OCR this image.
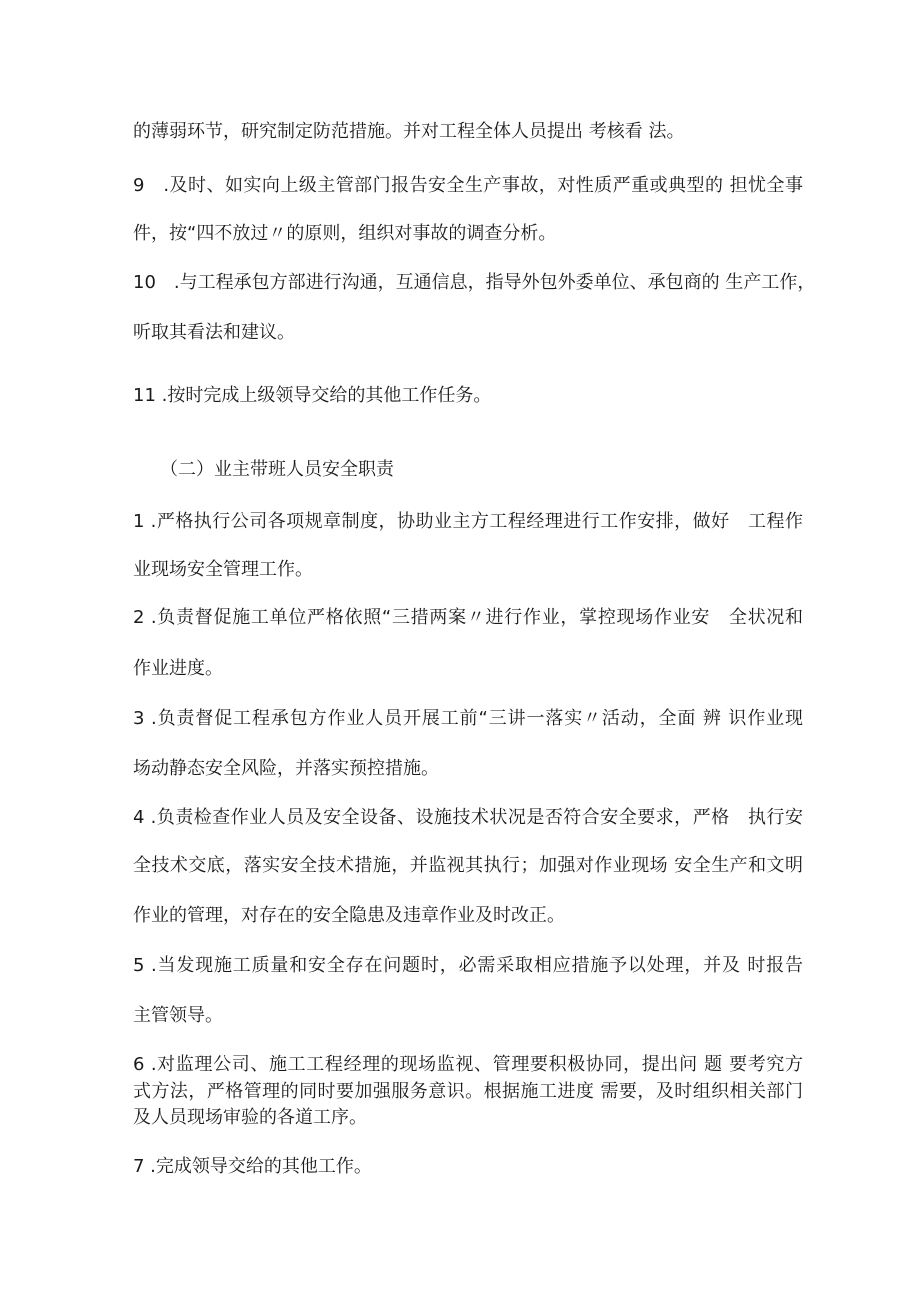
的薄弱环节，研究制定防范措施。并对工程全体人员提出 考核看 法。
9　.及时、如实向上级主管部门报告安全生产事故，对性质严重或典型的 担忧全事
件，按“四不放过〃的原则，组织对事故的调查分析。
10　.与工程承包方部进行沟通，互通信息，指导外包外委单位、承包商的 生产工作，
听取其看法和建议。
11 .按时完成上级领导交给的其他工作任务。
（二）业主带班人员安全职责
1 .严格执行公司各项规章制度，协助业主方工程经理进行工作安排，做好　工程作
业现场安全管理工作。
2 .负责督促施工单位严格依照“三措两案〃进行作业，掌控现场作业安　全状况和
作业进度。
3 .负责督促工程承包方作业人员开展工前“三讲一落实〃活动，全面 辨 识作业现
场动静态安全风险，并落实预控措施。
4 .负责检查作业人员及安全设备、设施技术状况是否符合安全要求，严格　执行安
全技术交底，落实安全技术措施，并监视其执行；加强对作业现场 安全生产和文明
作业的管理，对存在的安全隐患及违章作业及时改正。
5 .当发现施工质量和安全存在问题时，必需采取相应措施予以处理，并及 时报告
主管领导。
6 .对监理公司、施工工程经理的现场监视、管理要积极协同，提出问 题 要考究方
式方法，严格管理的同时要加强服务意识。根据施工进度 需要，及时组织相关部门
及人员现场审验的各道工序。
7 .完成领导交给的其他工作。
